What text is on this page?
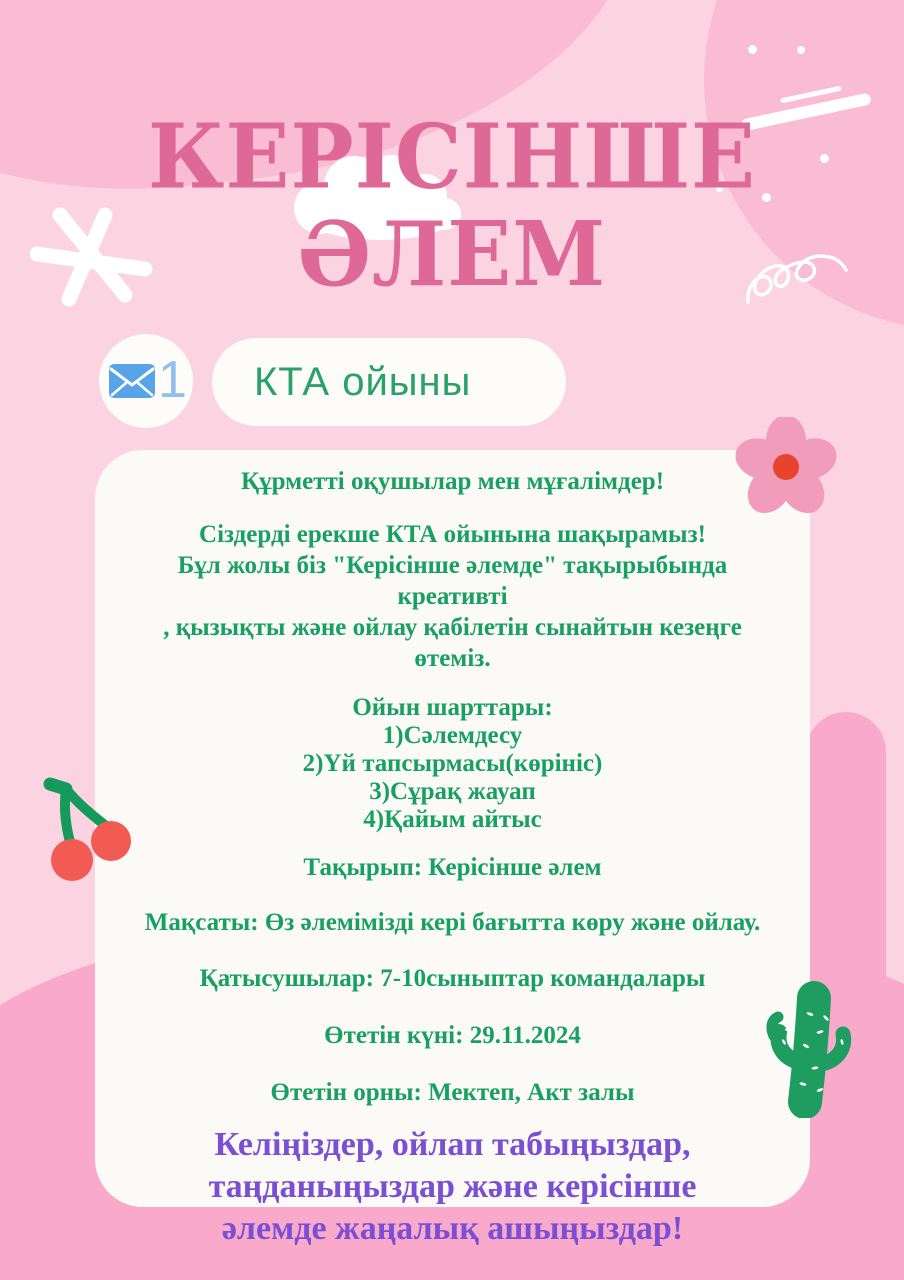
КЕРІСІНШЕ ӘЛЕМ
1	КТА ойыны

Құрметті оқушылар мен мұғалімдер!

Сіздерді ерекше КТА ойынына шақырамыз!

Бұл жолы біз "Керісінше әлемде" тақырыбында креативті

, қызықты және ойлау қабілетін сынайтын кезеңге өтеміз.

Ойын шарттары:

1)Сәлемдесу

2)Үй тапсырмасы(көрініс)

3)Сұрақ жауап

4)Қайым айтыс

Тақырып: Керісінше әлем

Мақсаты: Өз әлемімізді кері бағытта көру және ойлау.

Қатысушылар: 7-10сыныптар командалары

Өтетін күні: 29.11.2024

Өтетін орны: Мектеп, Акт залы

Келіңіздер, ойлап табыңыздар,

таңданыңыздар және керісінше

әлемде жаңалық ашыңыздар!
